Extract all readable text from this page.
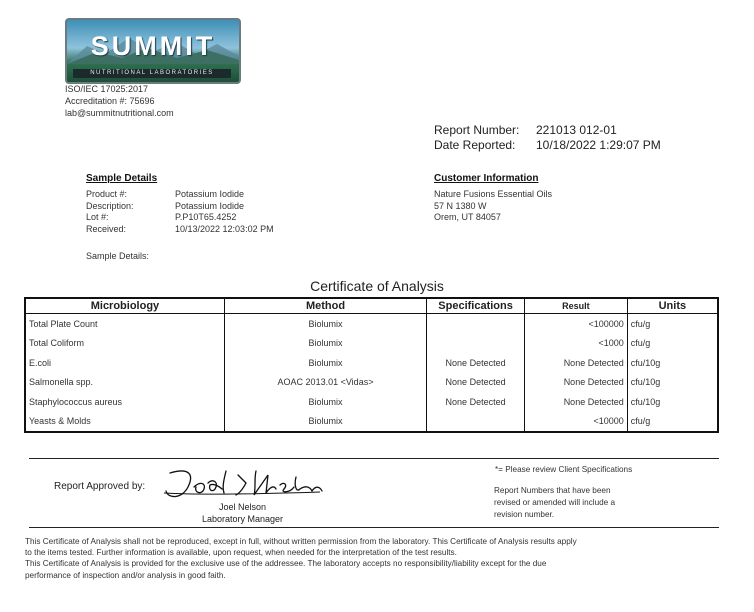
SUMMIT
NUTRITIONAL LABORATORIES
ISO/IEC 17025:2017
Accreditation #: 75696
lab@summitnutritional.com
Report Number: 221013 012-01
Date Reported: 10/18/2022 1:29:07 PM
Sample Details
Product #:	Potassium Iodide
Description:	Potassium Iodide
Lot #:	P.P10T65.4252
Received:	10/13/2022 12:03:02 PM
Sample Details:
Customer Information
Nature Fusions Essential Oils
57 N 1380 W
Orem, UT 84057
Certificate of Analysis
Microbiology	Method	Specifications	Result	Units
Total Plate Count	Biolumix		<100000	cfu/g
Total Coliform	Biolumix		<1000	cfu/g
E.coli	Biolumix	None Detected	None Detected	cfu/10g
Salmonella spp.	AOAC 2013.01 <Vidas>	None Detected	None Detected	cfu/10g
Staphylococcus aureus	Biolumix	None Detected	None Detected	cfu/10g
Yeasts & Molds	Biolumix		<10000	cfu/g
Report Approved by:
Joel Nelson
Laboratory Manager
*= Please review Client Specifications
Report Numbers that have been
revised or amended will include a
revision number.
This Certificate of Analysis shall not be reproduced, except in full, without written permission from the laboratory. This Certificate of Analysis results apply
to the items tested. Further information is available, upon request, when needed for the interpretation of the test results.
This Certificate of Analysis is provided for the exclusive use of the addressee. The laboratory accepts no responsibility/liability except for the due
performance of inspection and/or analysis in good faith.
